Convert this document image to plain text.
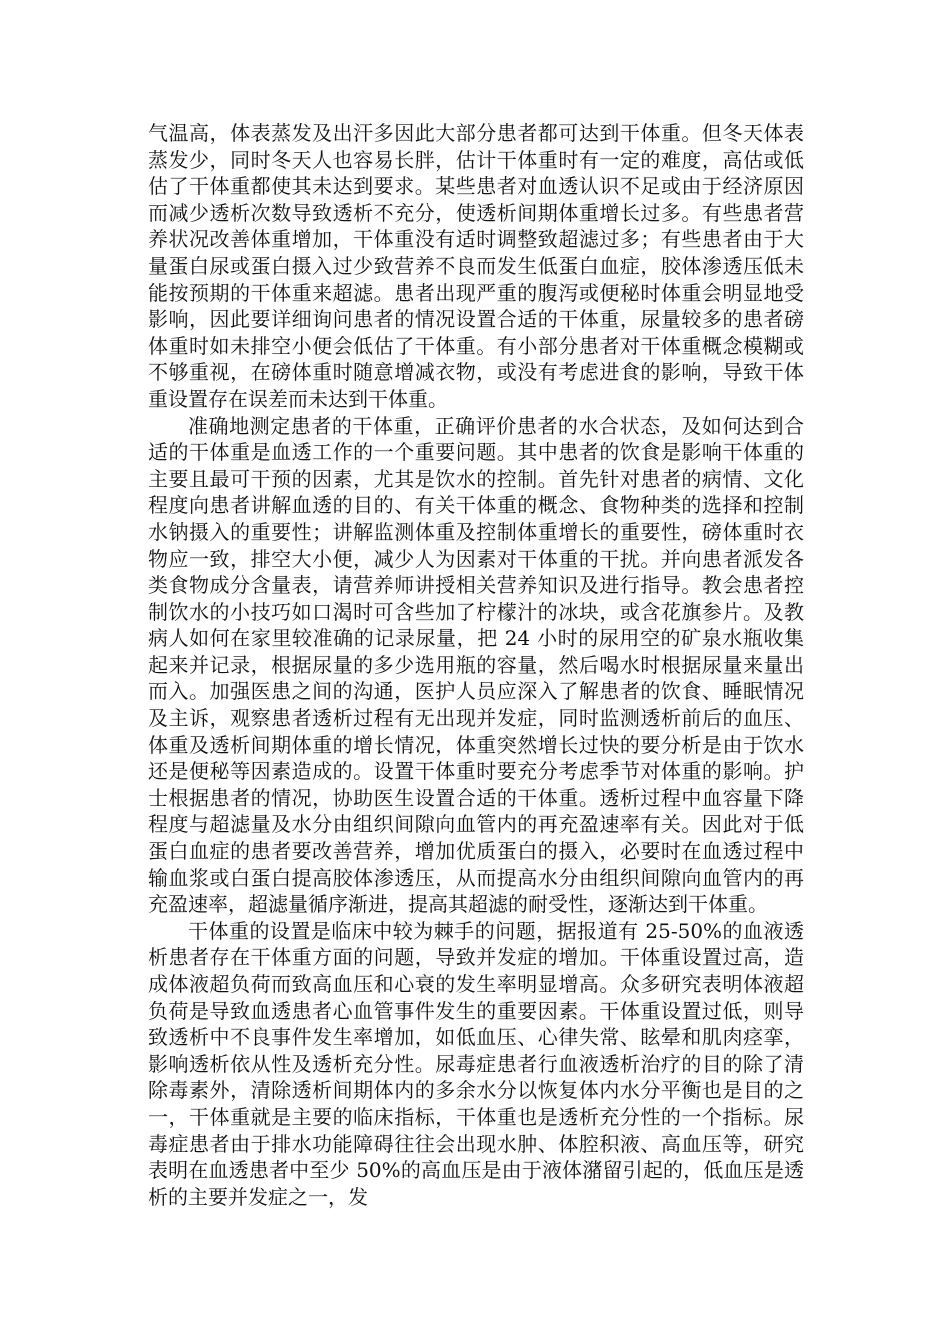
气温高，体表蒸发及出汗多因此大部分患者都可达到干体重。但冬天体表蒸发少，同时冬天人也容易长胖，估计干体重时有一定的难度，高估或低估了干体重都使其未达到要求。某些患者对血透认识不足或由于经济原因而减少透析次数导致透析不充分，使透析间期体重增长过多。有些患者营养状况改善体重增加，干体重没有适时调整致超滤过多；有些患者由于大量蛋白尿或蛋白摄入过少致营养不良而发生低蛋白血症，胶体渗透压低未能按预期的干体重来超滤。患者出现严重的腹泻或便秘时体重会明显地受影响，因此要详细询问患者的情况设置合适的干体重，尿量较多的患者磅体重时如未排空小便会低估了干体重。有小部分患者对干体重概念模糊或不够重视，在磅体重时随意增减衣物，或没有考虑进食的影响，导致干体重设置存在误差而未达到干体重。

准确地测定患者的干体重，正确评价患者的水合状态，及如何达到合适的干体重是血透工作的一个重要问题。其中患者的饮食是影响干体重的主要且最可干预的因素，尤其是饮水的控制。首先针对患者的病情、文化程度向患者讲解血透的目的、有关干体重的概念、食物种类的选择和控制水钠摄入的重要性；讲解监测体重及控制体重增长的重要性，磅体重时衣物应一致，排空大小便，减少人为因素对干体重的干扰。并向患者派发各类食物成分含量表，请营养师讲授相关营养知识及进行指导。教会患者控制饮水的小技巧如口渴时可含些加了柠檬汁的冰块，或含花旗参片。及教病人如何在家里较准确的记录尿量，把 24 小时的尿用空的矿泉水瓶收集起来并记录，根据尿量的多少选用瓶的容量，然后喝水时根据尿量来量出而入。加强医患之间的沟通，医护人员应深入了解患者的饮食、睡眠情况及主诉，观察患者透析过程有无出现并发症，同时监测透析前后的血压、体重及透析间期体重的增长情况，体重突然增长过快的要分析是由于饮水还是便秘等因素造成的。设置干体重时要充分考虑季节对体重的影响。护士根据患者的情况，协助医生设置合适的干体重。透析过程中血容量下降程度与超滤量及水分由组织间隙向血管内的再充盈速率有关。因此对于低蛋白血症的患者要改善营养，增加优质蛋白的摄入，必要时在血透过程中输血浆或白蛋白提高胶体渗透压，从而提高水分由组织间隙向血管内的再充盈速率，超滤量循序渐进，提高其超滤的耐受性，逐渐达到干体重。

干体重的设置是临床中较为棘手的问题，据报道有 25-50%的血液透析患者存在干体重方面的问题，导致并发症的增加。干体重设置过高，造成体液超负荷而致高血压和心衰的发生率明显增高。众多研究表明体液超负荷是导致血透患者心血管事件发生的重要因素。干体重设置过低，则导致透析中不良事件发生率增加，如低血压、心律失常、眩晕和肌肉痉挛，影响透析依从性及透析充分性。尿毒症患者行血液透析治疗的目的除了清除毒素外，清除透析间期体内的多余水分以恢复体内水分平衡也是目的之一，干体重就是主要的临床指标，干体重也是透析充分性的一个指标。尿毒症患者由于排水功能障碍往往会出现水肿、体腔积液、高血压等，研究表明在血透患者中至少 50%的高血压是由于液体潴留引起的，低血压是透析的主要并发症之一，发
